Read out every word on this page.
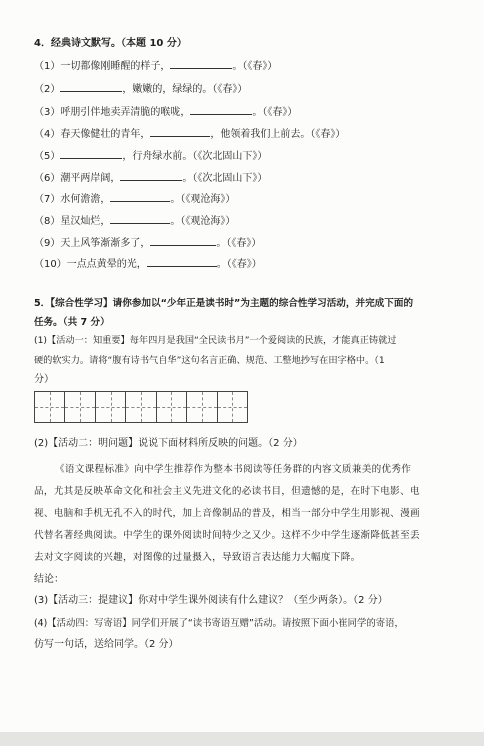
4．经典诗文默写。（本题 10 分）
（1）一切都像刚睡醒的样子，	。（《春》）
（2）	，嫩嫩的，绿绿的。（《春》）
（3）呼朋引伴地卖弄清脆的喉咙，	。（《春》）
（4）春天像健壮的青年，	，他领着我们上前去。（《春》）
（5）	，行舟绿水前。（《次北固山下》）
（6）潮平两岸阔，	。（《次北固山下》）
（7）水何澹澹，	。（《观沧海》）
（8）星汉灿烂，	。（《观沧海》）
（9）天上风筝渐渐多了，	。（《春》）
（10）一点点黄晕的光，	。（《春》）
5．【综合性学习】请你参加以“少年正是读书时”为主题的综合性学习活动，并完成下面的
任务。（共 7 分）
(1)【活动一：知重要】每年四月是我国“全民读书月”一个爱阅读的民族，才能真正铸就过
硬的软实力。请将“腹有诗书气自华”这句名言正确、规范、工整地抄写在田字格中。（1
分）
(2)【活动二：明问题】说说下面材料所反映的问题。（2 分）
《语文课程标准》向中学生推荐作为整本书阅读等任务群的内容文质兼美的优秀作
品，尤其是反映革命文化和社会主义先进文化的必读书目，但遗憾的是，在时下电影、电
视、电脑和手机无孔不入的时代，加上音像制品的普及，相当一部分中学生用影视、漫画
代替名著经典阅读。中学生的课外阅读时间特少之又少。这样不少中学生逐渐降低甚至丢
去对文字阅读的兴趣，对图像的过量摄入，导致语言表达能力大幅度下降。
结论：
(3)【活动三：提建议】你对中学生课外阅读有什么建议？（至少两条）。（2 分）
(4)【活动四：写寄语】同学们开展了“读书寄语互赠”活动。请按照下面小崔同学的寄语，
仿写一句话，送给同学。（2 分）
